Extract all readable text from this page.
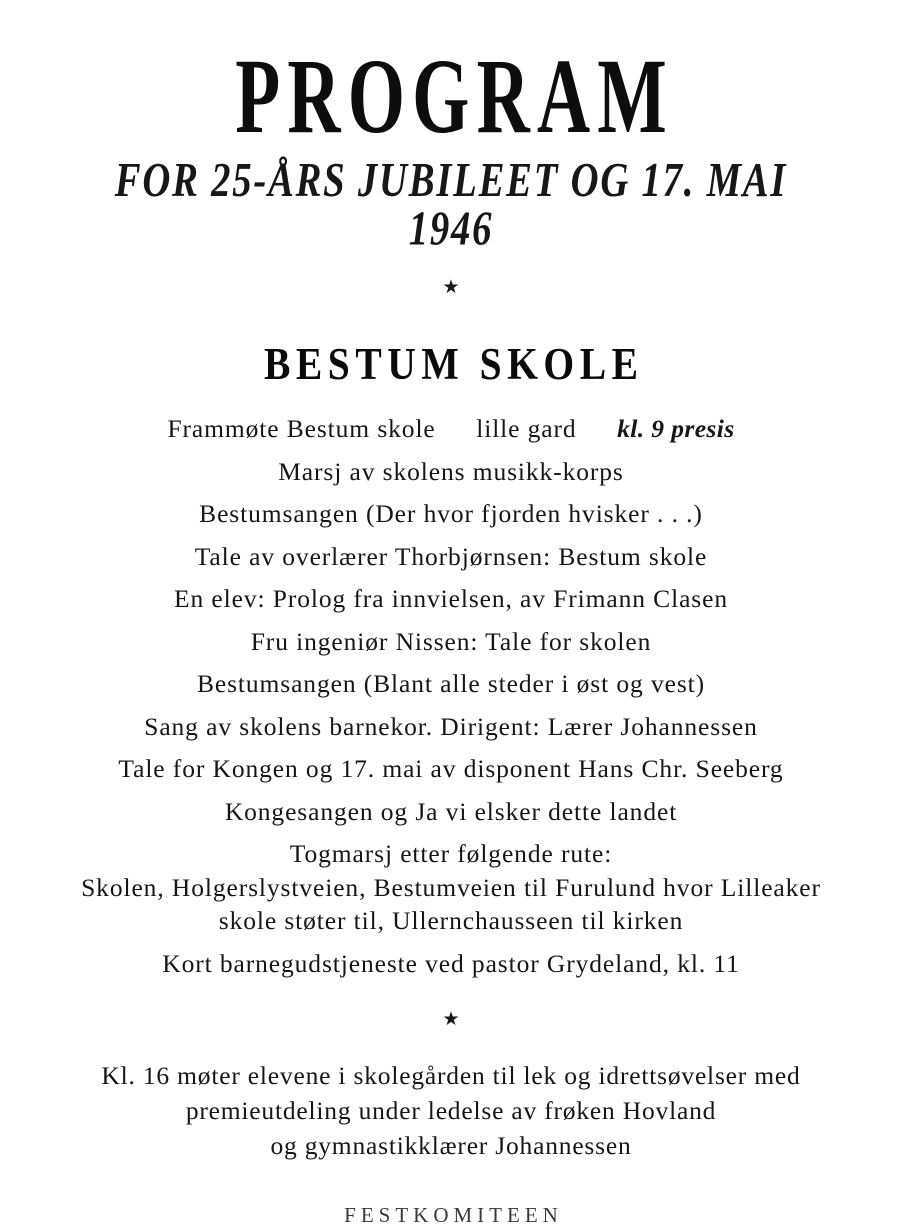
PROGRAM
FOR 25-ÅRS JUBILEET OG 17. MAI 1946
★
BESTUM SKOLE
Frammøte Bestum skole lille gard kl. 9 presis
Marsj av skolens musikk-korps
Bestumsangen (Der hvor fjorden hvisker . . .)
Tale av overlærer Thorbjørnsen: Bestum skole
En elev: Prolog fra innvielsen, av Frimann Clasen
Fru ingeniør Nissen: Tale for skolen
Bestumsangen (Blant alle steder i øst og vest)
Sang av skolens barnekor. Dirigent: Lærer Johannessen
Tale for Kongen og 17. mai av disponent Hans Chr. Seeberg
Kongesangen og Ja vi elsker dette landet
Togmarsj etter følgende rute:
Skolen, Holgerslystveien, Bestumveien til Furulund hvor Lilleaker
skole støter til, Ullernchausseen til kirken
Kort barnegudstjeneste ved pastor Grydeland, kl. 11
★

Kl. 16 møter elevene i skolegården til lek og idrettsøvelser med
premieutdeling under ledelse av frøken Hovland
og gymnastikklærer Johannessen

FESTKOMITEEN
